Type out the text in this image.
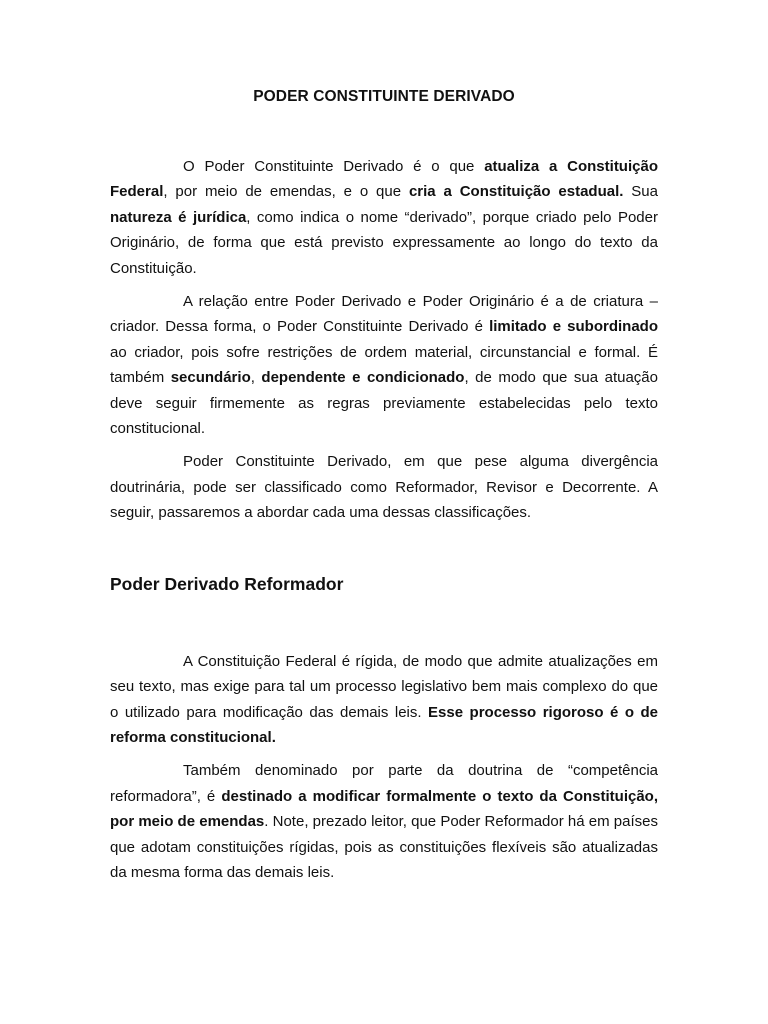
PODER CONSTITUINTE DERIVADO

O Poder Constituinte Derivado é o que atualiza a Constituição Federal, por meio de emendas, e o que cria a Constituição estadual. Sua natureza é jurídica, como indica o nome “derivado”, porque criado pelo Poder Originário, de forma que está previsto expressamente ao longo do texto da Constituição.

A relação entre Poder Derivado e Poder Originário é a de criatura – criador. Dessa forma, o Poder Constituinte Derivado é limitado e subordinado ao criador, pois sofre restrições de ordem material, circunstancial e formal. É também secundário, dependente e condicionado, de modo que sua atuação deve seguir firmemente as regras previamente estabelecidas pelo texto constitucional.

Poder Constituinte Derivado, em que pese alguma divergência doutrinária, pode ser classificado como Reformador, Revisor e Decorrente. A seguir, passaremos a abordar cada uma dessas classificações.

Poder Derivado Reformador

A Constituição Federal é rígida, de modo que admite atualizações em seu texto, mas exige para tal um processo legislativo bem mais complexo do que o utilizado para modificação das demais leis. Esse processo rigoroso é o de reforma constitucional.

Também denominado por parte da doutrina de “competência reformadora”, é destinado a modificar formalmente o texto da Constituição, por meio de emendas. Note, prezado leitor, que Poder Reformador há em países que adotam constituições rígidas, pois as constituições flexíveis são atualizadas da mesma forma das demais leis.
